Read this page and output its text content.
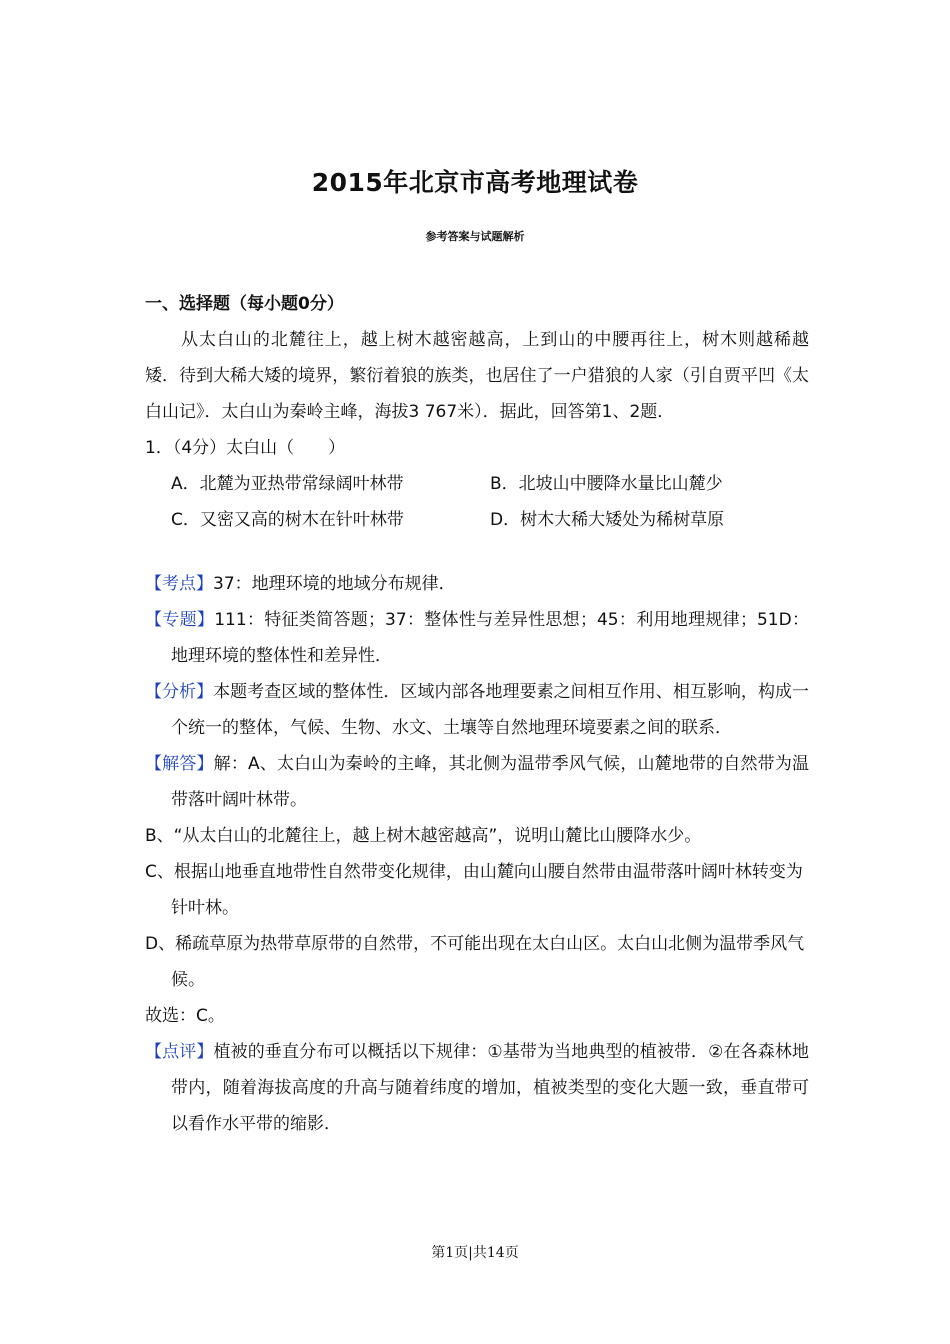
2015年北京市高考地理试卷
参考答案与试题解析

一、选择题（每小题0分）

从太白山的北麓往上，越上树木越密越高，上到山的中腰再往上，树木则越稀越矮．待到大稀大矮的境界，繁衍着狼的族类，也居住了一户猎狼的人家（引自贾平凹《太白山记》．太白山为秦岭主峰，海拔3 767米）．据此，回答第1、2题．

1．（4分）太白山（　　）

A．北麓为亚热带常绿阔叶林带	B．北坡山中腰降水量比山麓少
C．又密又高的树木在针叶林带	D．树木大稀大矮处为稀树草原

【考点】37：地理环境的地域分布规律．

【专题】111：特征类简答题；37：整体性与差异性思想；45：利用地理规律；51D：地理环境的整体性和差异性．

【分析】本题考查区域的整体性．区域内部各地理要素之间相互作用、相互影响，构成一个统一的整体，气候、生物、水文、土壤等自然地理环境要素之间的联系．

【解答】解：A、太白山为秦岭的主峰，其北侧为温带季风气候，山麓地带的自然带为温带落叶阔叶林带。

B、“从太白山的北麓往上，越上树木越密越高”，说明山麓比山腰降水少。

C、根据山地垂直地带性自然带变化规律，由山麓向山腰自然带由温带落叶阔叶林转变为针叶林。

D、稀疏草原为热带草原带的自然带，不可能出现在太白山区。太白山北侧为温带季风气候。

故选：C。

【点评】植被的垂直分布可以概括以下规律：①基带为当地典型的植被带．②在各森林地带内，随着海拔高度的升高与随着纬度的增加，植被类型的变化大题一致，垂直带可以看作水平带的缩影．

第1页|共14页
